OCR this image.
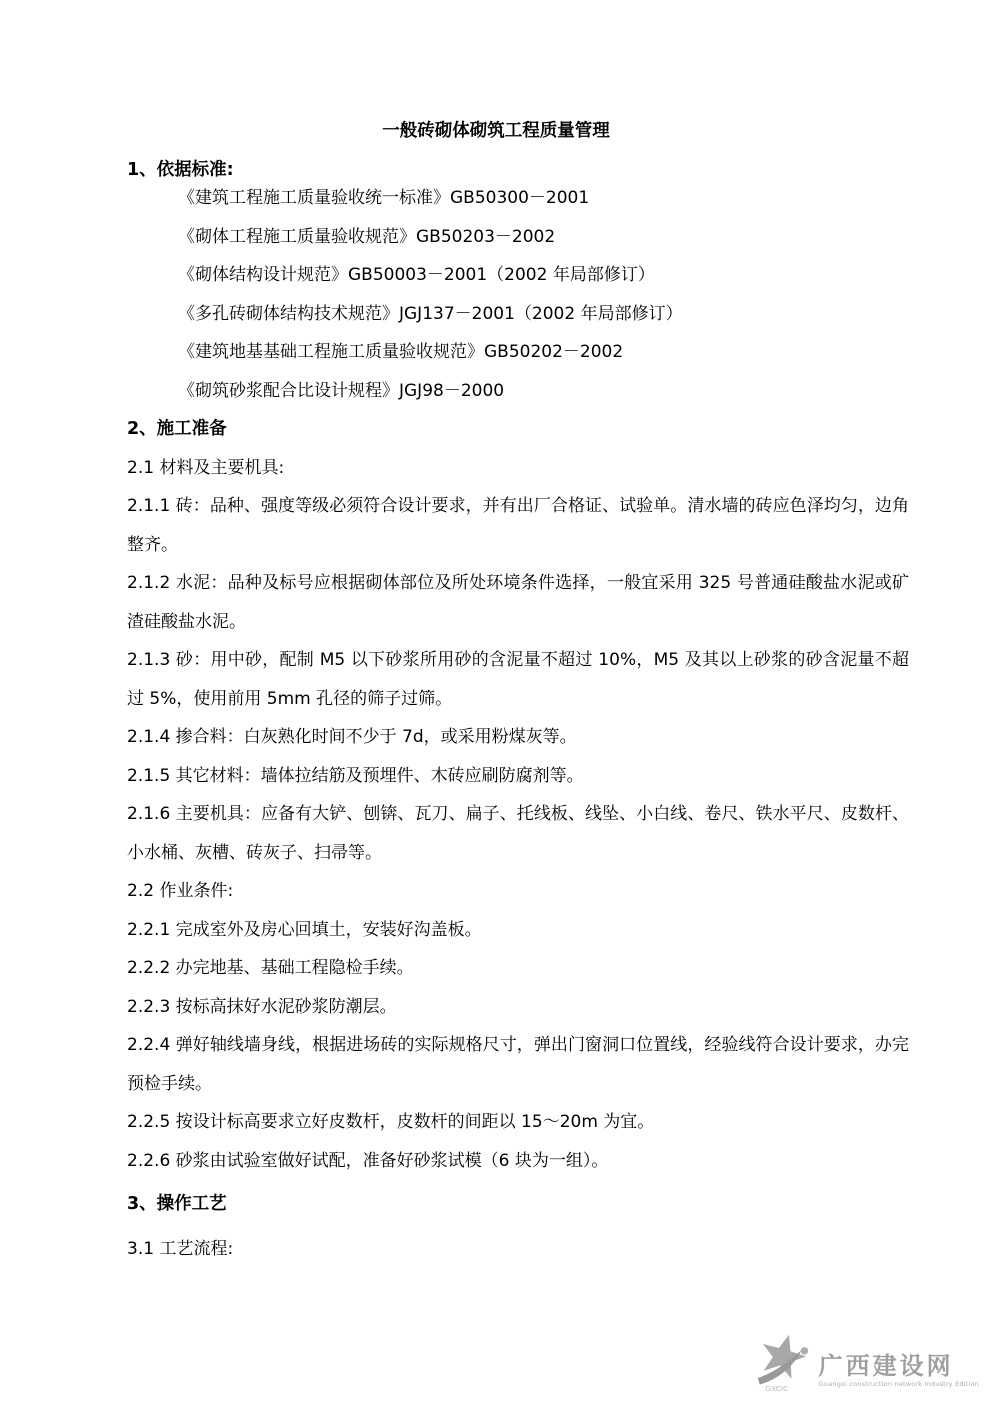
一般砖砌体砌筑工程质量管理
1、依据标准:

《建筑工程施工质量验收统一标准》GB50300－2001

《砌体工程施工质量验收规范》GB50203－2002

《砌体结构设计规范》GB50003－2001（2002 年局部修订）

《多孔砖砌体结构技术规范》JGJ137－2001（2002 年局部修订）

《建筑地基基础工程施工质量验收规范》GB50202－2002

《砌筑砂浆配合比设计规程》JGJ98－2000

2、施工准备

2.1 材料及主要机具:

2.1.1 砖：品种、强度等级必须符合设计要求，并有出厂合格证、试验单。清水墙的砖应色泽均匀，边角整齐。

2.1.2 水泥：品种及标号应根据砌体部位及所处环境条件选择，一般宜采用 325 号普通硅酸盐水泥或矿渣硅酸盐水泥。

2.1.3 砂：用中砂，配制 M5 以下砂浆所用砂的含泥量不超过 10%，M5 及其以上砂浆的砂含泥量不超过 5%，使用前用 5mm 孔径的筛子过筛。

2.1.4 掺合料：白灰熟化时间不少于 7d，或采用粉煤灰等。

2.1.5 其它材料：墙体拉结筋及预埋件、木砖应刷防腐剂等。

2.1.6 主要机具：应备有大铲、刨锛、瓦刀、扁子、托线板、线坠、小白线、卷尺、铁水平尺、皮数杆、小水桶、灰槽、砖灰子、扫帚等。

2.2 作业条件:

2.2.1 完成室外及房心回填土，安装好沟盖板。

2.2.2 办完地基、基础工程隐检手续。

2.2.3 按标高抹好水泥砂浆防潮层。

2.2.4 弹好轴线墙身线，根据进场砖的实际规格尺寸，弹出门窗洞口位置线，经验线符合设计要求，办完预检手续。

2.2.5 按设计标高要求立好皮数杆，皮数杆的间距以 15～20m 为宜。

2.2.6 砂浆由试验室做好试配，准备好砂浆试模（6 块为一组）。

3、操作工艺

3.1 工艺流程:

GXCIC
广西建设网
Guangxi construction network Industry Edition
